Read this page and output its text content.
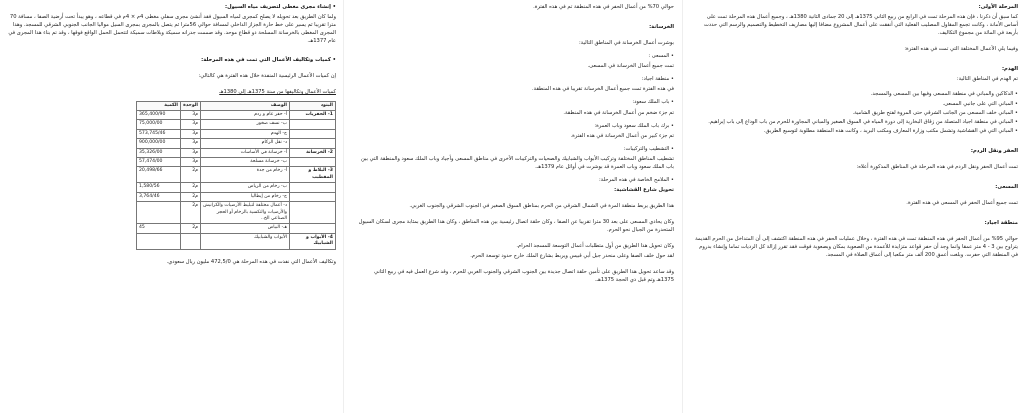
المرحلة الأولى:
كما سبق أن ذكرنا ، فإن هذه المرحلة تمت في الرابع من ربيع الثاني 1375هـ إلى 20 جمادى الثانية 1380هـ ، وجميع أعمال هذه المرحلة تمت على أساس الأمانة ، وكانت تجمع المقاول المصليب الفعلية التي أنفقت على أعمال المشروع مضافا إليها مصاريف التخطيط والتصميم والرسم التي حددت بأربعة في المائة من مجموع التكاليف.
وفيما يلي الأعمال المختلفة التي تمت في هذه الفترة:
الهدم:
تم الهدم في المناطق التالية:
• الدكاكين والمباني في منطقة المسعى وفيها بين المسعى والمسجد.
• المباني التي على جانبي المسعى.
• المباني خلف المسعى من الجانب الشرقي حتى المروة لفتح طريق الشامية.
• المباني في منطقة اجياد المتصلة من زقاق البخارية إلى دورة المياه في السوق الصغير والمباني المجاورة للحرم من باب الوداع إلى باب إبراهيم.
• المباني التي في القشاشية وتشمل مكتب وزارة المعارف ومكتب البريد ، وكانت هذه المنطقة مطلوبة لتوسيع الطريق.
الحفر ونقل الردم:
تمت أعمال الحفر ونقل الردم في هذه المرحلة في المناطق المذكورة أعلاه:
المسعى:
تمت جميع أعمال الحفر في المسعى في هذه الفترة.
منطقة اجياد:
حوالي 95% من أعمال الحفر في هذه المنطقة تمت في هذه الفترة ، وخلال عمليات الحفر في هذه المنطقة اكتشف إلى أن المتداخل من الحرم القديمة يتراوح بين 3 - 4 متر عمقا وانما وجد أن حفر قواعد متزايدة للأعمدة من الصعوبة بمكان وبصعوبة فوقت فقد تقرر إزالة كل الرديات تماما وإنشاء بدروم في المنطقة التي حفرت. وبلغت أعمق 200 ألف متر مكعبا إلى أعماق الصلاة في المسجد.
حوالي 70% من أعمال الحفر في هذه المنطقة تم في هذه الفترة.
الخرسانة:
بوشرت أعمال الخرسانة في المناطق التالية:
• المسعى :
تمت جميع أعمال الخرسانة في المسعى.
• منطقة اجياد:
في هذه الفترة تمت جميع أعمال الخرسانة تقريبا في هذه المنطقة.
• باب الملك سعود:
تم جزء ضخم من أعمال الخرسانة في هذه المنطقة.
• برك باب الملك سعود وباب العمرة:
تم جزء كبير من أعمال الخرسانة في هذه الفترة.
• التشطيب والتركيبات:
تشطيب المناطق المختلفة وتركيب الأبواب والشبابيك والصحيات والتركيبات الأخرى في مناطق المسعى وأجياد وباب الملك سعود والمنطقة التي بين باب الملك سعود وباب العمرة قد بوشرت في أوائل عام 1379هـ.
• الملامح الخاصة في هذه المرحلة:
تحويل شارع القشاشية:
هذا الطريق يربط منطقة المرة في الشمال الشرقي من الحرم بمناطق السوق الصغير في الجنوب الشرقي والجنوب الغربي.
وكان يحاذي المسعى على بعد 30 مترا تقريبا عن الصفا ، وكان حلقة اتصال رئيسية بين هذه المناطق ، وكان هذا الطريق بمثابة مجرى لسكان السيول المتحدرة من الجبال نحو الحرم.
وكان تحويل هذا الطريق من أول متطلبات أعمال التوسعة للمسجد الحرام.
لقد حول خلف الصفا وعلى منحدر جبل أبي قبيس ويربط بشارع الملك خارج حدود توسعة الحرم.
وقد ساعد تحويل هذا الطريق على تأمين حلقة اتصال جديدة بين الجنوب الشرقي والجنوب الغربي للحرم ، وقد شرع العمل فيه في ربيع الثاني 1375هـ وتم قبل ذي الحجة 1375هـ.
• إنشاء مجرى مغطى لتصريف مياه السيول:
ولما كان الطريق بعد تحويله لا يصلح كمجرى لمياه السيول فقد أنشئ مجرى سفلي مغطى 4م × 4م في قطاعه ، وهو يبدأ تحت أرضية الصفا ، مسافة 70 مترا تقريبا ثم يسير على خط حارة الجزاز الداخلي لمسافة حوالي 56مترا ثم يتصل بالمجرى بمجرى السيل مواليا الجانب الجنوبي الشرقي للمسجد. وهذا المجرى المغطى بالخرسانة المسلحة ذو قطاع موحد. وقد صممت جدرانه سميكة وبلاطات سميكة لتتحمل الحمل الواقع فوقها ، وقد تم بناء هذا المجرى في عام 1377هـ.
• كميات وتكاليف الأعمال التي تمت في هذه المرحلة:
إن كميات الأعمال الرئيسية المنفذة خلال هذه الفترة هي كالتالي:
كميات الأعمال وتكاليفها من سنة 1375هـ إلى 1380هـ
البنود	الوصف	الوحدة	الكمية
1- الحفريات	أ- حفر عام و ردم	م3	365,400/90
	ب- نسف صخور	م3	75,000/00
	ج- الهدم	م3	573,745/46
	د- نقل الركام	م3	900,000/00
2- الخرسانة	أ- خرسانة في الأساسات	م3	35,326/00
	ب- خرسانة مسلحة	م3	57,474/00
3- البلاط و المقطبب	أ- رخام من جدة	م2	20,498/66
	ب- رخام من الرياض	م2	1,580/56
	ج- رخام من إيطاليا	م2	3,764/46
	د- أعمال مختلفة لتبليط الأرضيات والكرانيش والأرضيات والتكسية بالرخام أو الحجر الصناعي الخ..	م2	
	هـ- البياض	م2	45
4- الأبواب و الشبابيك	الأبواب والشبابيك		
وتكاليف الأعمال التي نفذت في هذه المرحلة هي 472,5/0 مليون ريال سعودي.
